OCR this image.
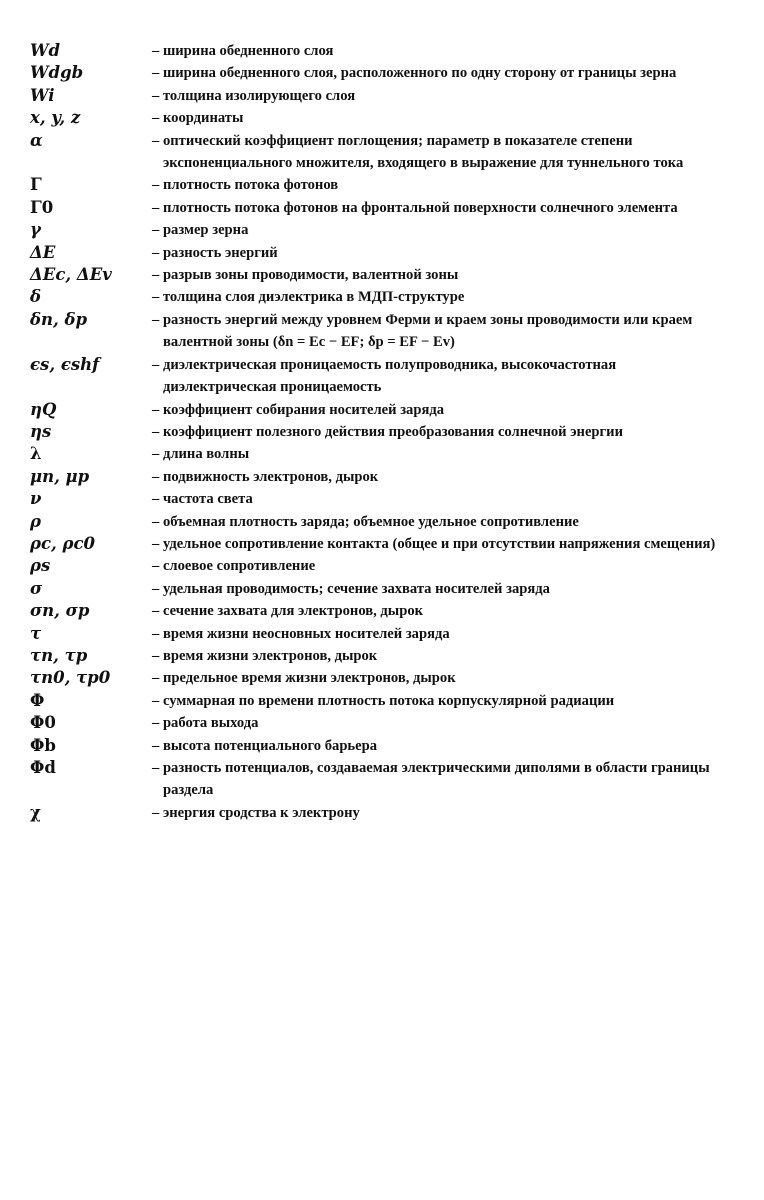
Wd	– ширина обедненного слоя
Wdgb	– ширина обедненного слоя, расположенного по одну сторону от границы зерна
Wi	– толщина изолирующего слоя
x, y, z	– координаты
α	– оптический коэффициент поглощения; параметр в показателе степени экспоненциального множителя, входящего в выражение для туннельного тока
Γ	– плотность потока фотонов
Γ0	– плотность потока фотонов на фронтальной поверхности солнечного элемента
γ	– размер зерна
ΔE	– разность энергий
ΔEc, ΔEv	– разрыв зоны проводимости, валентной зоны
δ	– толщина слоя диэлектрика в МДП-структуре
δn, δp	– разность энергий между уровнем Ферми и краем зоны проводимости или краем валентной зоны (δn = Ec − EF; δp = EF − Ev)
ϵs, ϵshf	– диэлектрическая проницаемость полупроводника, высокочастотная диэлектрическая проницаемость
ηQ	– коэффициент собирания носителей заряда
ηs	– коэффициент полезного действия преобразования солнечной энергии
λ	– длина волны
μn, μp	– подвижность электронов, дырок
ν	– частота света
ρ	– объемная плотность заряда; объемное удельное сопротивление
ρc, ρc0	– удельное сопротивление контакта (общее и при отсутствии напряжения смещения)
ρs	– слоевое сопротивление
σ	– удельная проводимость; сечение захвата носителей заряда
σn, σp	– сечение захвата для электронов, дырок
τ	– время жизни неосновных носителей заряда
τn, τp	– время жизни электронов, дырок
τn0, τp0	– предельное время жизни электронов, дырок
Φ	– суммарная по времени плотность потока корпускулярной радиации
Φ0	– работа выхода
Φb	– высота потенциального барьера
Φd	– разность потенциалов, создаваемая электрическими диполями в области границы раздела
χ	– энергия сродства к электрону
